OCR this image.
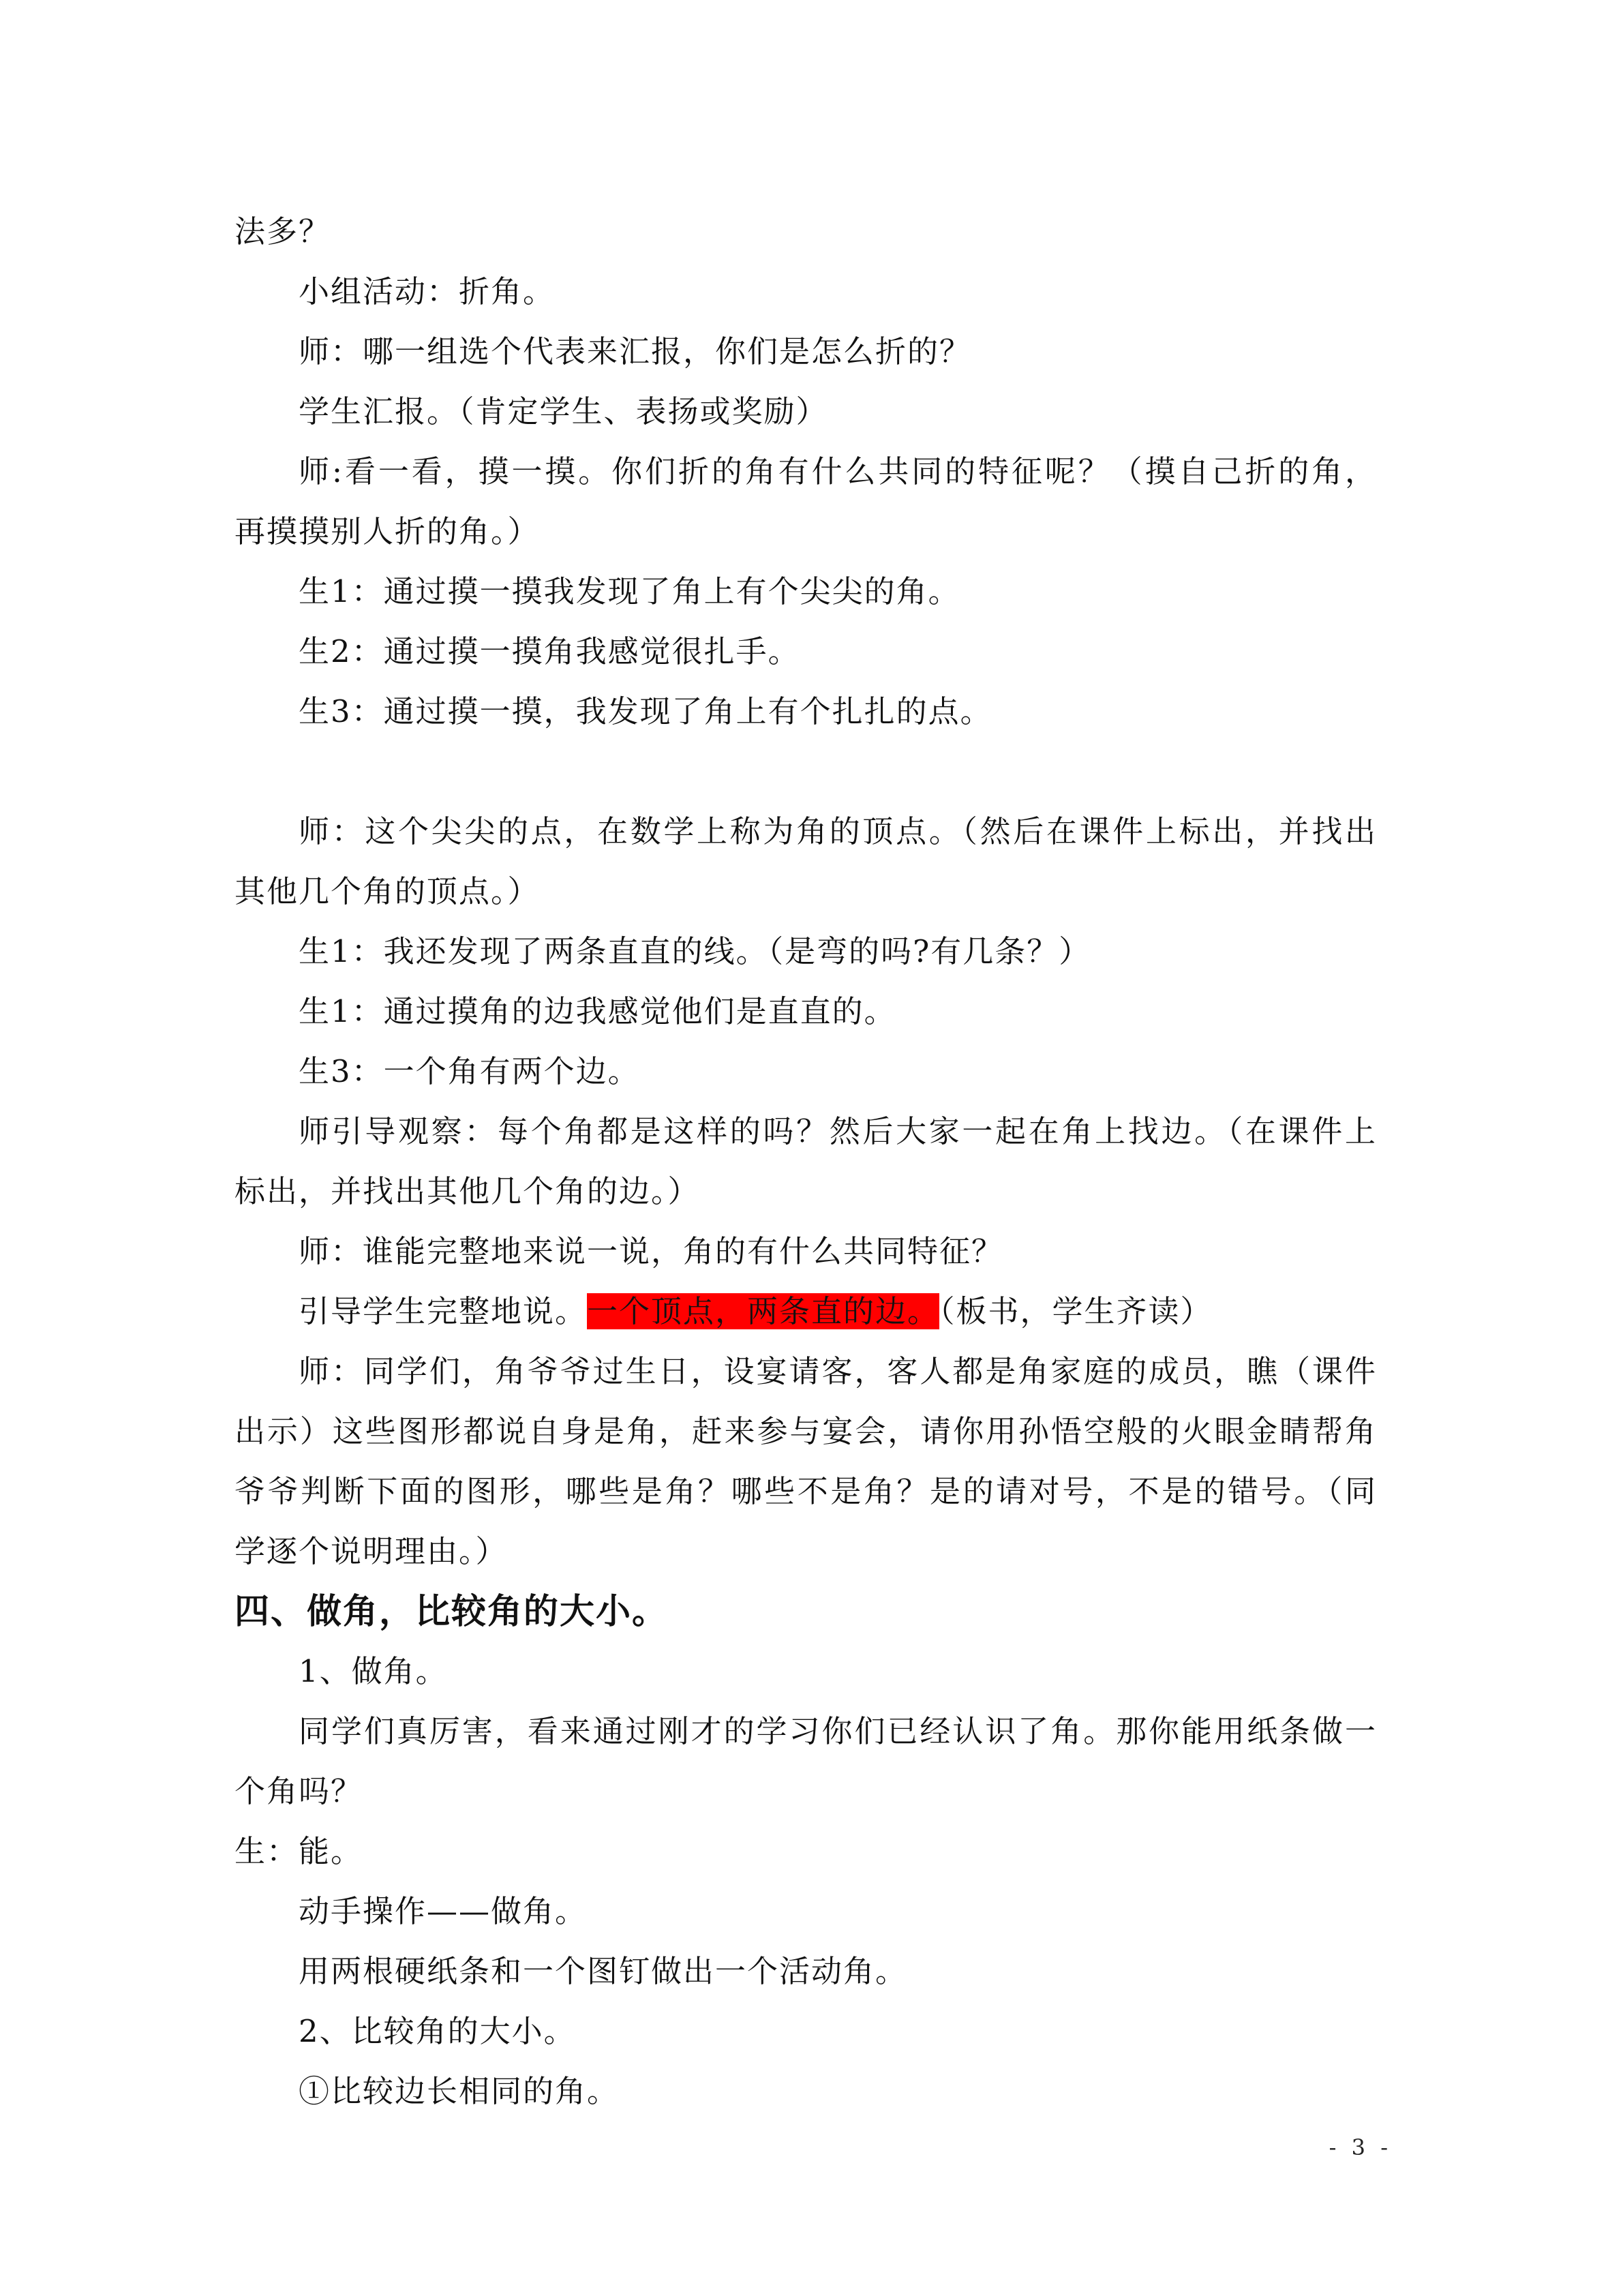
法多？
小组活动：折角。
师：哪一组选个代表来汇报，你们是怎么折的？
学生汇报。（肯定学生、表扬或奖励）
师:看一看，摸一摸。你们折的角有什么共同的特征呢？（摸自己折的角，
再摸摸别人折的角。）
生1：通过摸一摸我发现了角上有个尖尖的角。
生2：通过摸一摸角我感觉很扎手。
生3：通过摸一摸，我发现了角上有个扎扎的点。
师：这个尖尖的点，在数学上称为角的顶点。（然后在课件上标出，并找出
其他几个角的顶点。）
生1：我还发现了两条直直的线。（是弯的吗?有几条？）
生1：通过摸角的边我感觉他们是直直的。
生3：一个角有两个边。
师引导观察：每个角都是这样的吗？然后大家一起在角上找边。（在课件上
标出，并找出其他几个角的边。）
师：谁能完整地来说一说，角的有什么共同特征？
引导学生完整地说。一个顶点，两条直的边。（板书，学生齐读）
师：同学们，角爷爷过生日，设宴请客，客人都是角家庭的成员，瞧（课件
出示）这些图形都说自身是角，赶来参与宴会，请你用孙悟空般的火眼金睛帮角
爷爷判断下面的图形，哪些是角？哪些不是角？是的请对号，不是的错号。（同
学逐个说明理由。）
四、做角，比较角的大小。
1、做角。
同学们真厉害，看来通过刚才的学习你们已经认识了角。那你能用纸条做一
个角吗？
生：能。
动手操作——做角。
用两根硬纸条和一个图钉做出一个活动角。
2、比较角的大小。
①比较边长相同的角。
- 3 -
